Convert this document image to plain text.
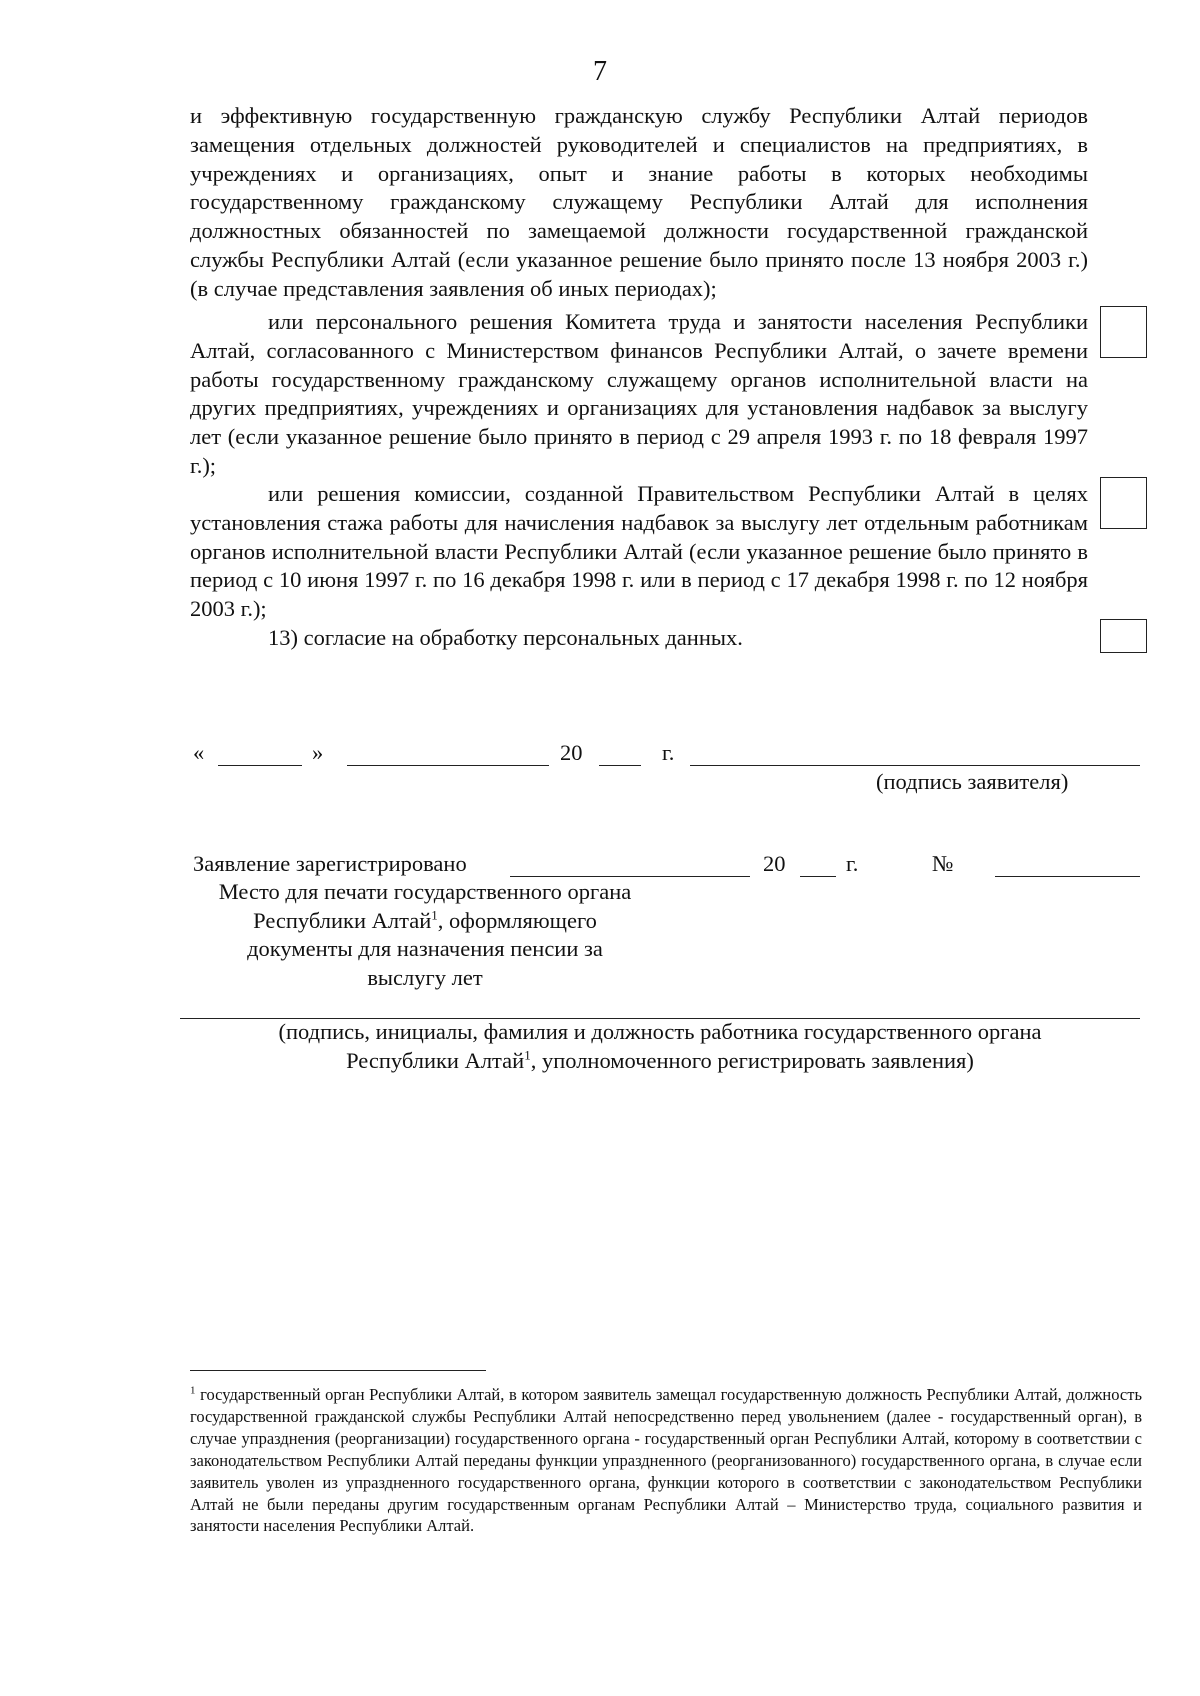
7
и эффективную государственную гражданскую службу Республики Алтай периодов замещения отдельных должностей руководителей и специалистов на предприятиях, в учреждениях и организациях, опыт и знание работы в которых необходимы государственному гражданскому служащему Республики Алтай для исполнения должностных обязанностей по замещаемой должности государственной гражданской службы Республики Алтай (если указанное решение было принято после 13 ноября 2003 г.) (в случае представления заявления об иных периодах);
или персонального решения Комитета труда и занятости населения Республики Алтай, согласованного с Министерством финансов Республики Алтай, о зачете времени работы государственному гражданскому служащему органов исполнительной власти на других предприятиях, учреждениях и организациях для установления надбавок за выслугу лет (если указанное решение было принято в период с 29 апреля 1993 г. по 18 февраля 1997 г.);
или решения комиссии, созданной Правительством Республики Алтай в целях установления стажа работы для начисления надбавок за выслугу лет отдельным работникам органов исполнительной власти Республики Алтай (если указанное решение было принято в период с 10 июня 1997 г. по 16 декабря 1998 г. или в период с 17 декабря 1998 г. по 12 ноября 2003 г.);
13) согласие на обработку персональных данных.
«	»	20	г.
(подпись заявителя)
Заявление зарегистрировано	20	г.	№
Место для печати государственного органа
Республики Алтай$^1$, оформляющего
документы для назначения пенсии за
выслугу лет
(подпись, инициалы, фамилия и должность работника государственного органа
Республики Алтай$^1$, уполномоченного регистрировать заявления)
$^1$ государственный орган Республики Алтай, в котором заявитель замещал государственную должность Республики Алтай, должность государственной гражданской службы Республики Алтай непосредственно перед увольнением (далее - государственный орган), в случае упразднения (реорганизации) государственного органа - государственный орган Республики Алтай, которому в соответствии с законодательством Республики Алтай переданы функции упраздненного (реорганизованного) государственного органа, в случае если заявитель уволен из упраздненного государственного органа, функции которого в соответствии с законодательством Республики Алтай не были переданы другим государственным органам Республики Алтай – Министерство труда, социального развития и занятости населения Республики Алтай.
